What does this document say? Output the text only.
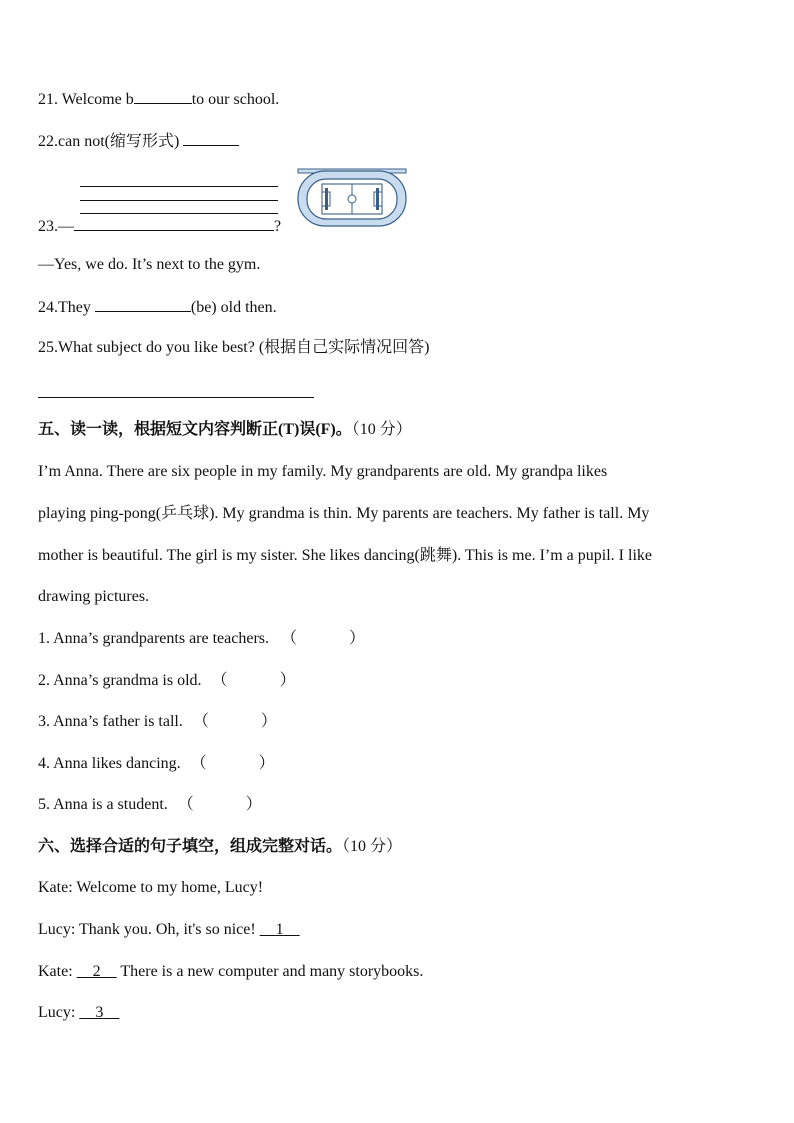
21. Welcome b	to our school.
22.can not(缩写形式)
23.—	?
—Yes, we do. It’s next to the gym.
24.They	(be) old then.
25.What subject do you like best? (根据自己实际情况回答)
五、读一读，根据短文内容判断正(T)误(F)。（10 分）
I’m Anna. There are six people in my family. My grandparents are old. My grandpa likes
playing ping-pong(乒乓球). My grandma is thin. My parents are teachers. My father is tall. My
mother is beautiful. The girl is my sister. She likes dancing(跳舞). This is me. I’m a pupil. I like
drawing pictures.
1. Anna’s grandparents are teachers. （	）
2. Anna’s grandma is old. （	）
3. Anna’s father is tall. （	）
4. Anna likes dancing. （	）
5. Anna is a student. （	）
六、选择合适的句子填空，组成完整对话。（10 分）
Kate: Welcome to my home, Lucy!
Lucy: Thank you. Oh, it's so nice! 1
Kate: 2 There is a new computer and many storybooks.
Lucy: 3
